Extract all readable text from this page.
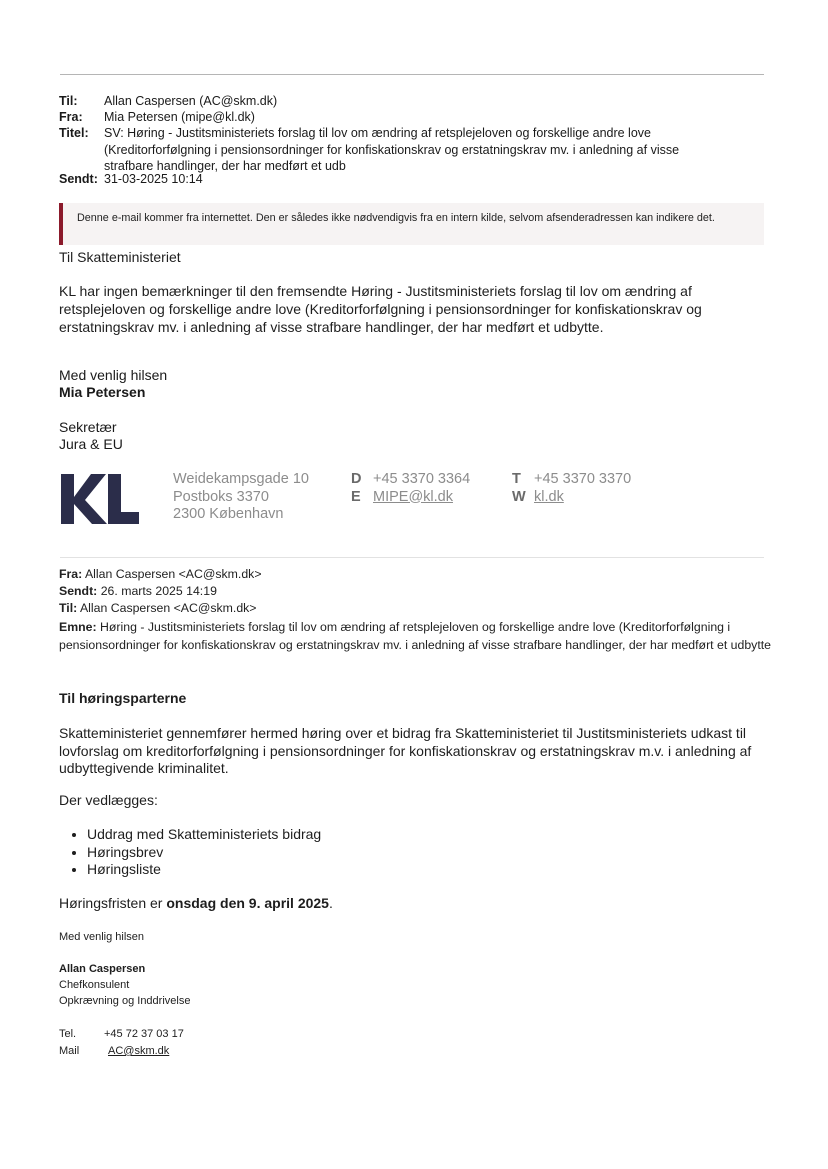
Til: Allan Caspersen (AC@skm.dk)
Fra: Mia Petersen (mipe@kl.dk)
Titel: SV: Høring - Justitsministeriets forslag til lov om ændring af retsplejeloven og forskellige andre love (Kreditorforfølgning i pensionsordninger for konfiskationskrav og erstatningskrav mv. i anledning af visse strafbare handlinger, der har medført et udb
Sendt: 31-03-2025 10:14
Denne e-mail kommer fra internettet. Den er således ikke nødvendigvis fra en intern kilde, selvom afsenderadressen kan indikere det.
Til Skatteministeriet
KL har ingen bemærkninger til den fremsendte Høring - Justitsministeriets forslag til lov om ændring af retsplejeloven og forskellige andre love (Kreditorforfølgning i pensionsordninger for konfiskationskrav og erstatningskrav mv. i anledning af visse strafbare handlinger, der har medført et udbytte.
Med venlig hilsen
Mia Petersen
Sekretær
Jura & EU
Weidekampsgade 10
Postboks 3370
2300 København
D +45 3370 3364
E MIPE@kl.dk
T +45 3370 3370
W kl.dk
Fra: Allan Caspersen <AC@skm.dk>
Sendt: 26. marts 2025 14:19
Til: Allan Caspersen <AC@skm.dk>
Emne: Høring - Justitsministeriets forslag til lov om ændring af retsplejeloven og forskellige andre love (Kreditorforfølgning i pensionsordninger for konfiskationskrav og erstatningskrav mv. i anledning af visse strafbare handlinger, der har medført et udbytte
Til høringsparterne
Skatteministeriet gennemfører hermed høring over et bidrag fra Skatteministeriet til Justitsministeriets udkast til lovforslag om kreditorforfølgning i pensionsordninger for konfiskationskrav og erstatningskrav m.v. i anledning af udbyttegivende kriminalitet.
Der vedlægges:
• Uddrag med Skatteministeriets bidrag
• Høringsbrev
• Høringsliste
Høringsfristen er onsdag den 9. april 2025.
Med venlig hilsen
Allan Caspersen
Chefkonsulent
Opkrævning og Inddrivelse
Tel.	+45 72 37 03 17
Mail	AC@skm.dk
